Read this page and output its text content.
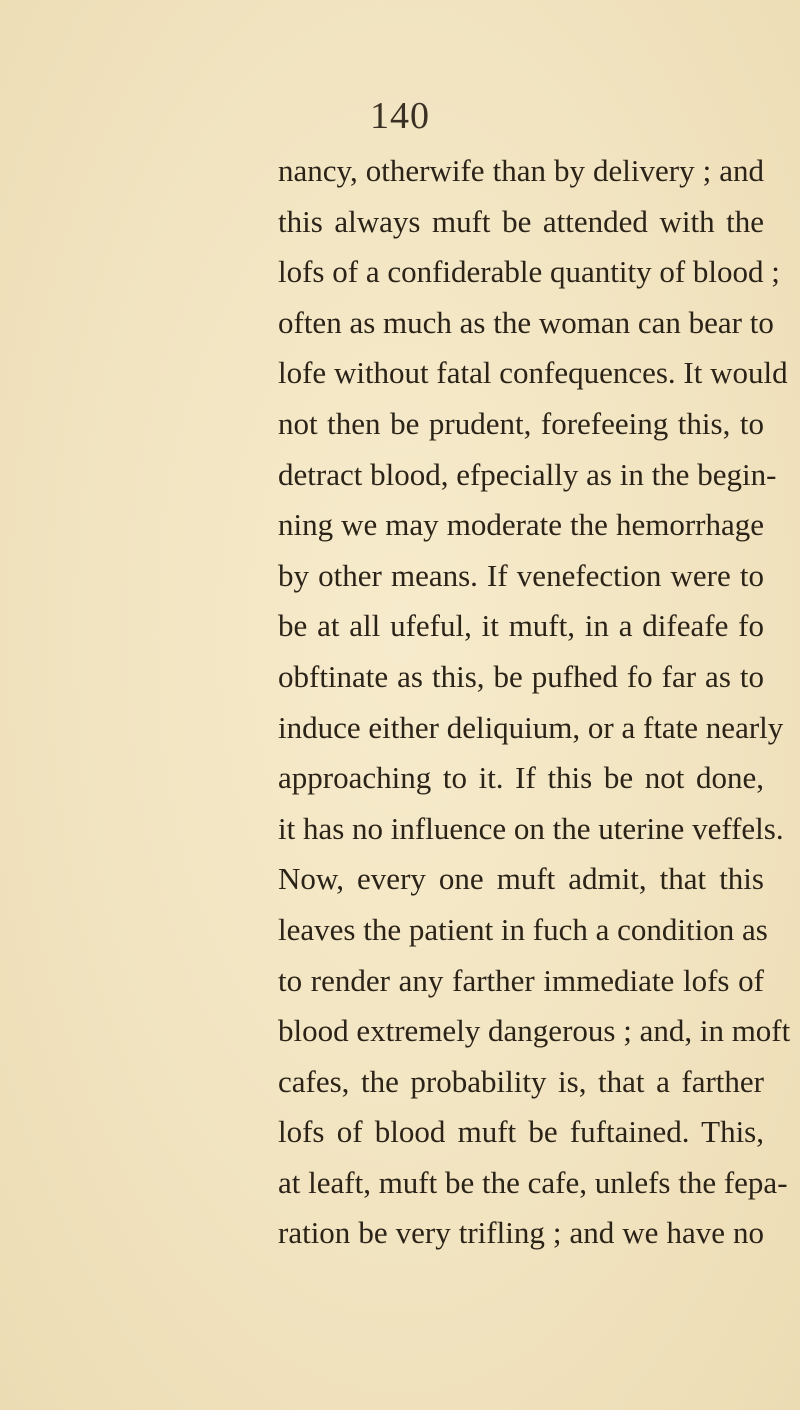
140
nancy, otherwife than by delivery ; and
this always muft be attended with the
lofs of a confiderable quantity of blood ;
often as much as the woman can bear to
lofe without fatal confequences. It would
not then be prudent, forefeeing this, to
detract blood, efpecially as in the begin-
ning we may moderate the hemorrhage
by other means. If venefection were to
be at all ufeful, it muft, in a difeafe fo
obftinate as this, be pufhed fo far as to
induce either deliquium, or a ftate nearly
approaching to it. If this be not done,
it has no influence on the uterine veffels.
Now, every one muft admit, that this
leaves the patient in fuch a condition as
to render any farther immediate lofs of
blood extremely dangerous ; and, in moft
cafes, the probability is, that a farther
lofs of blood muft be fuftained. This,
at leaft, muft be the cafe, unlefs the fepa-
ration be very trifling ; and we have no
